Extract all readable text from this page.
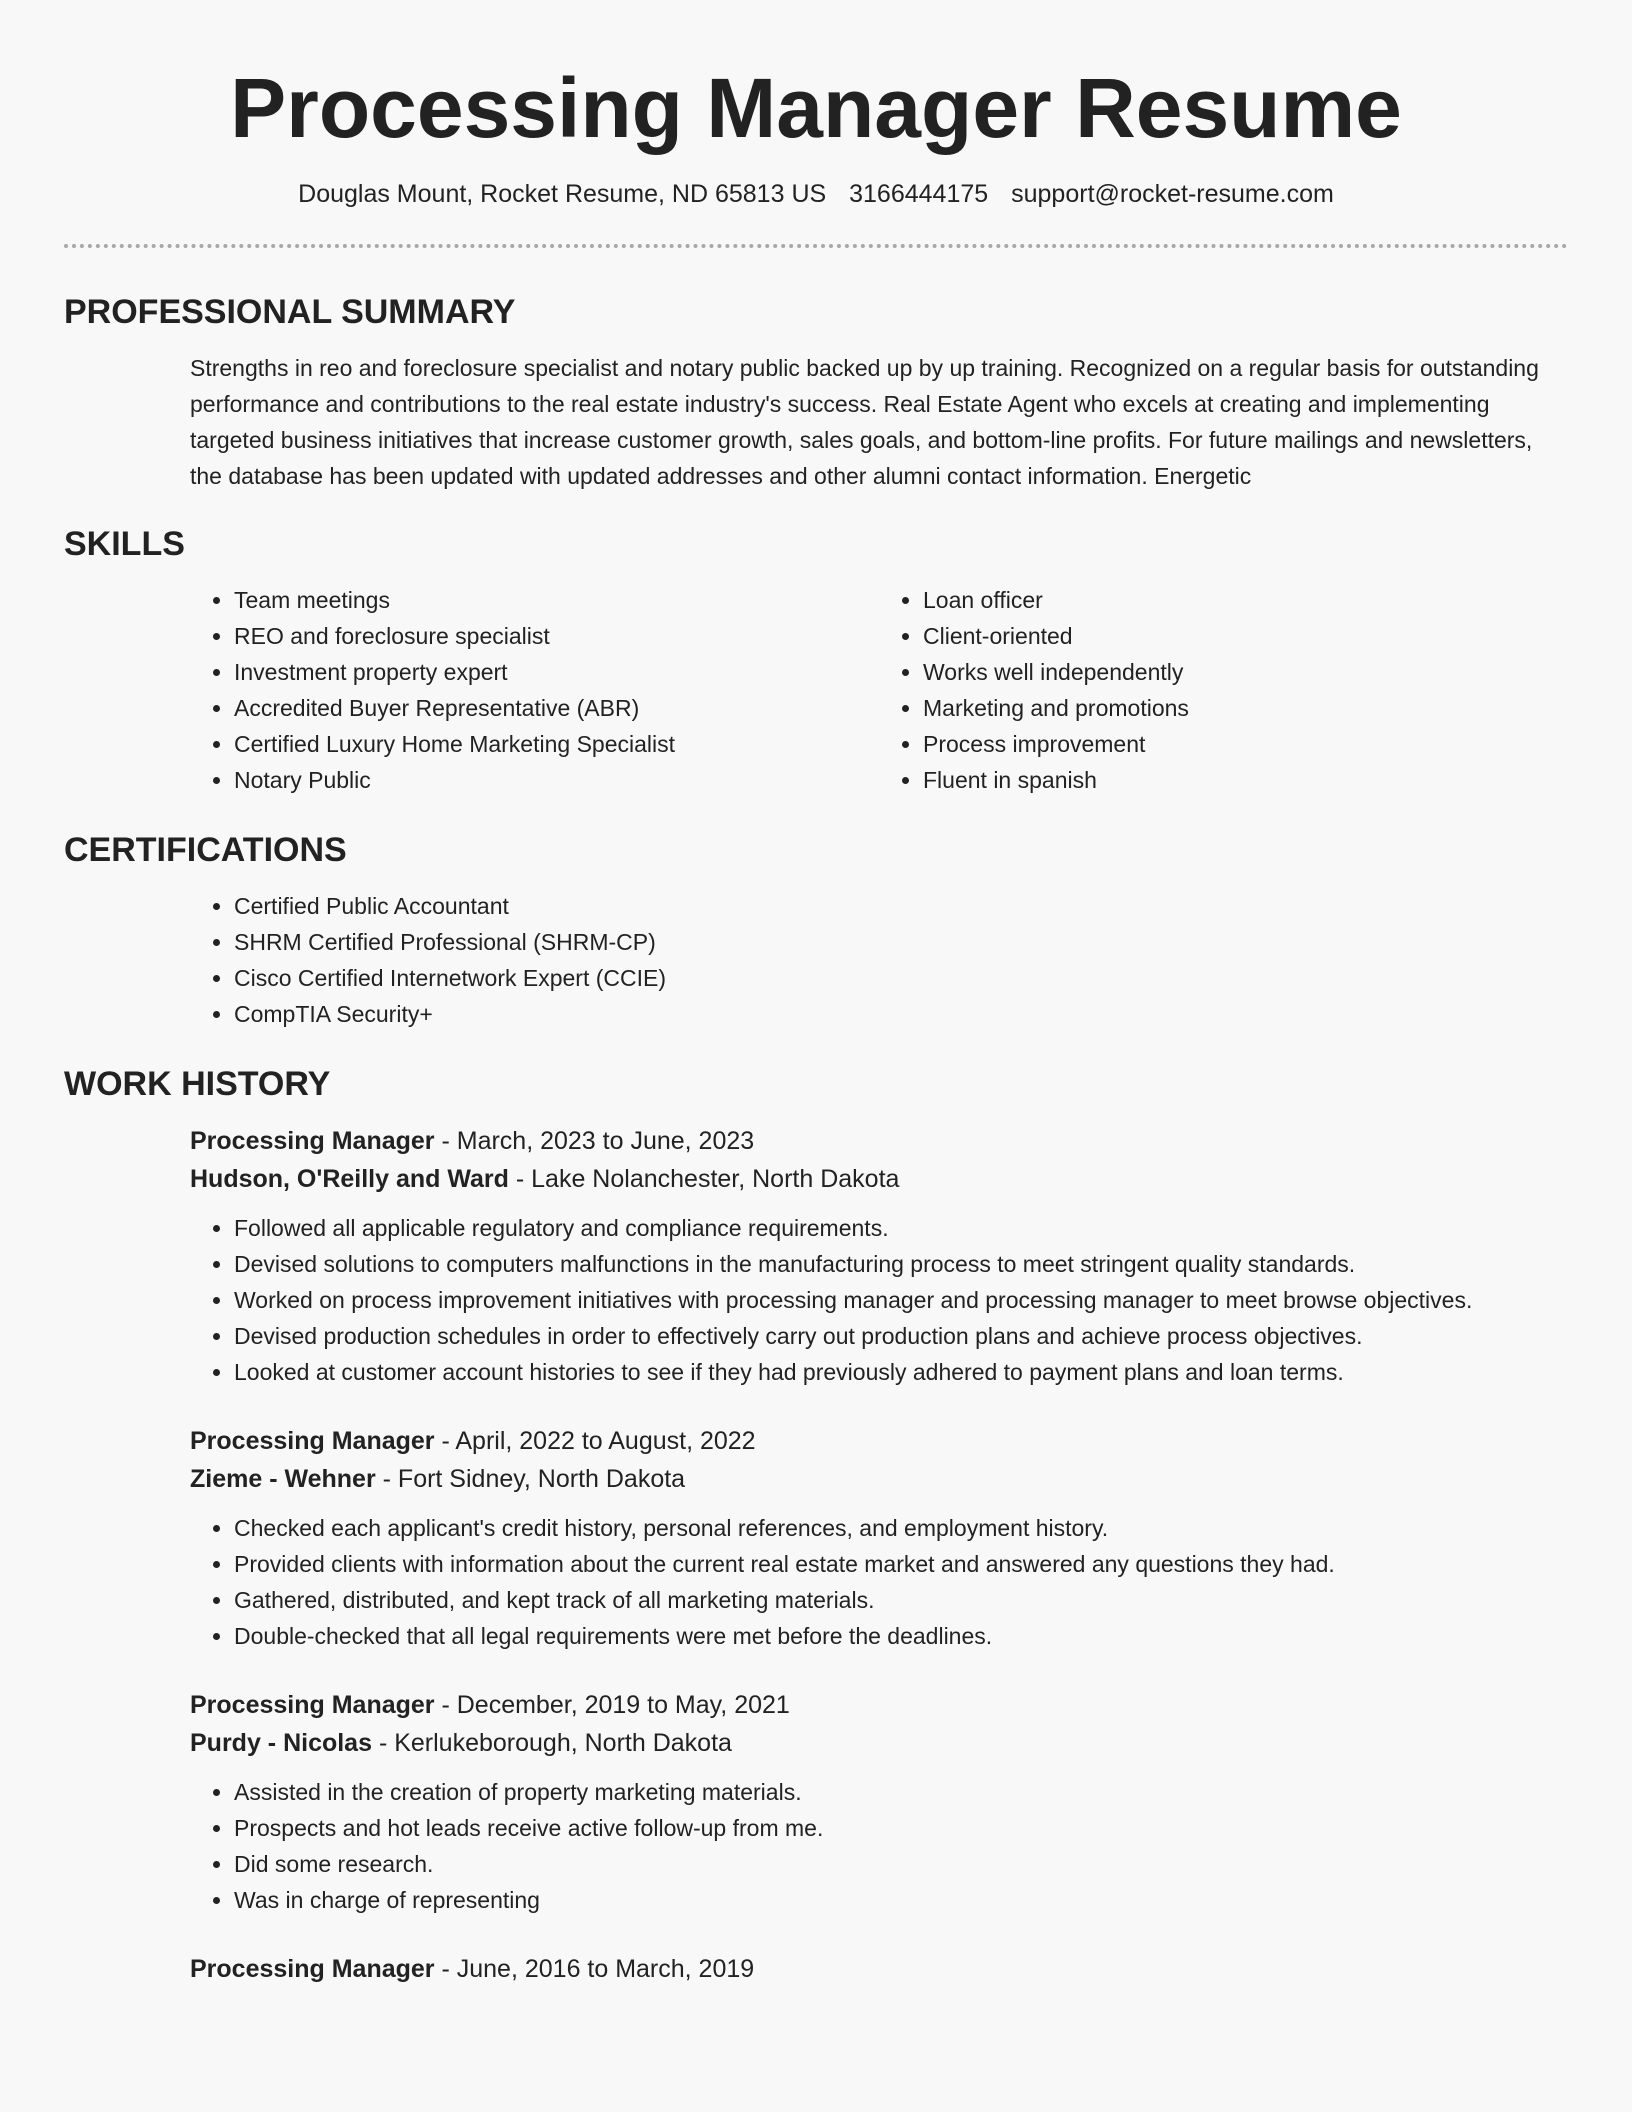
Processing Manager Resume
Douglas Mount, Rocket Resume, ND 65813 US 3166444175 support@rocket-resume.com
PROFESSIONAL SUMMARY

Strengths in reo and foreclosure specialist and notary public backed up by up training. Recognized on a regular basis for outstanding performance and contributions to the real estate industry's success. Real Estate Agent who excels at creating and implementing targeted business initiatives that increase customer growth, sales goals, and bottom-line profits. For future mailings and newsletters, the database has been updated with updated addresses and other alumni contact information. Energetic

SKILLS
• Team meetings
• REO and foreclosure specialist
• Investment property expert
• Accredited Buyer Representative (ABR)
• Certified Luxury Home Marketing Specialist
• Notary Public
• Loan officer
• Client-oriented
• Works well independently
• Marketing and promotions
• Process improvement
• Fluent in spanish
CERTIFICATIONS
• Certified Public Accountant
• SHRM Certified Professional (SHRM-CP)
• Cisco Certified Internetwork Expert (CCIE)
• CompTIA Security+
WORK HISTORY

Processing Manager - March, 2023 to June, 2023

Hudson, O'Reilly and Ward - Lake Nolanchester, North Dakota

• Followed all applicable regulatory and compliance requirements.
• Devised solutions to computers malfunctions in the manufacturing process to meet stringent quality standards.
• Worked on process improvement initiatives with processing manager and processing manager to meet browse objectives.
• Devised production schedules in order to effectively carry out production plans and achieve process objectives.
• Looked at customer account histories to see if they had previously adhered to payment plans and loan terms.

Processing Manager - April, 2022 to August, 2022

Zieme - Wehner - Fort Sidney, North Dakota

• Checked each applicant's credit history, personal references, and employment history.
• Provided clients with information about the current real estate market and answered any questions they had.
• Gathered, distributed, and kept track of all marketing materials.
• Double-checked that all legal requirements were met before the deadlines.

Processing Manager - December, 2019 to May, 2021

Purdy - Nicolas - Kerlukeborough, North Dakota

• Assisted in the creation of property marketing materials.
• Prospects and hot leads receive active follow-up from me.
• Did some research.
• Was in charge of representing

Processing Manager - June, 2016 to March, 2019
